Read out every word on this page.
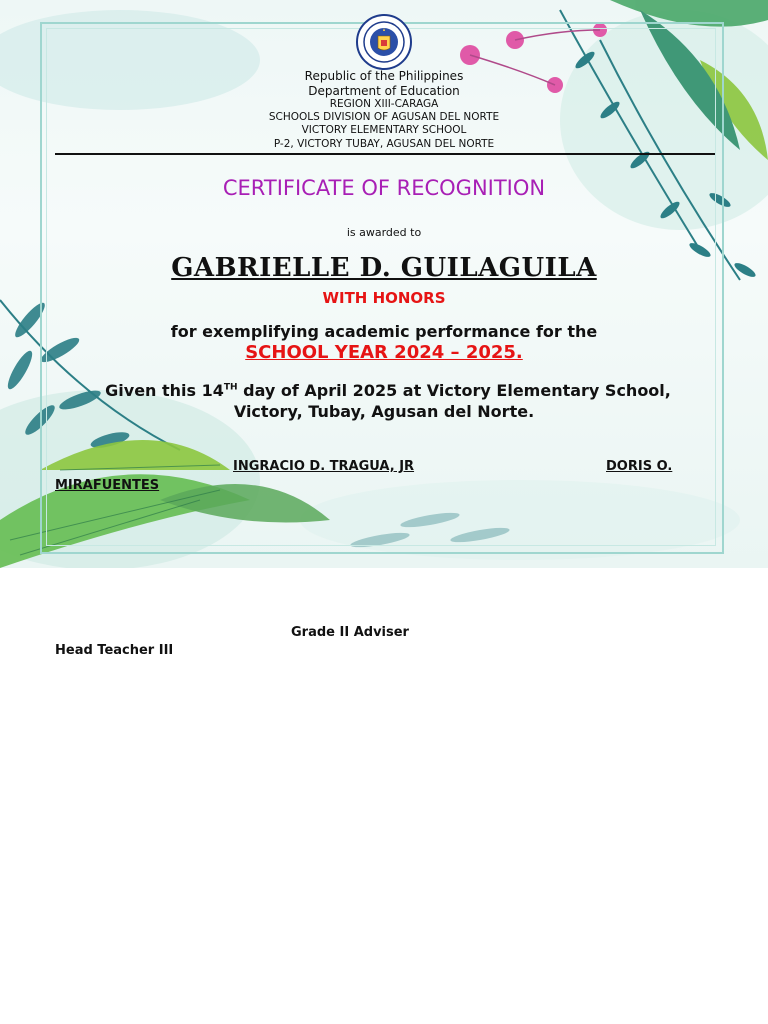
Republic of the Philippines
Department of Education
REGION XIII-CARAGA
SCHOOLS DIVISION OF AGUSAN DEL NORTE
VICTORY ELEMENTARY SCHOOL
P-2, VICTORY TUBAY, AGUSAN DEL NORTE
CERTIFICATE OF RECOGNITION
is awarded to
GABRIELLE D. GUILAGUILA
WITH HONORS
for exemplifying academic performance for the
SCHOOL YEAR 2024 – 2025.
Given this 14TH day of April 2025 at Victory Elementary School,
Victory, Tubay, Agusan del Norte.
INGRACIO D. TRAGUA, JR	DORIS O.
MIRAFUENTES
Grade II Adviser
Head Teacher III
